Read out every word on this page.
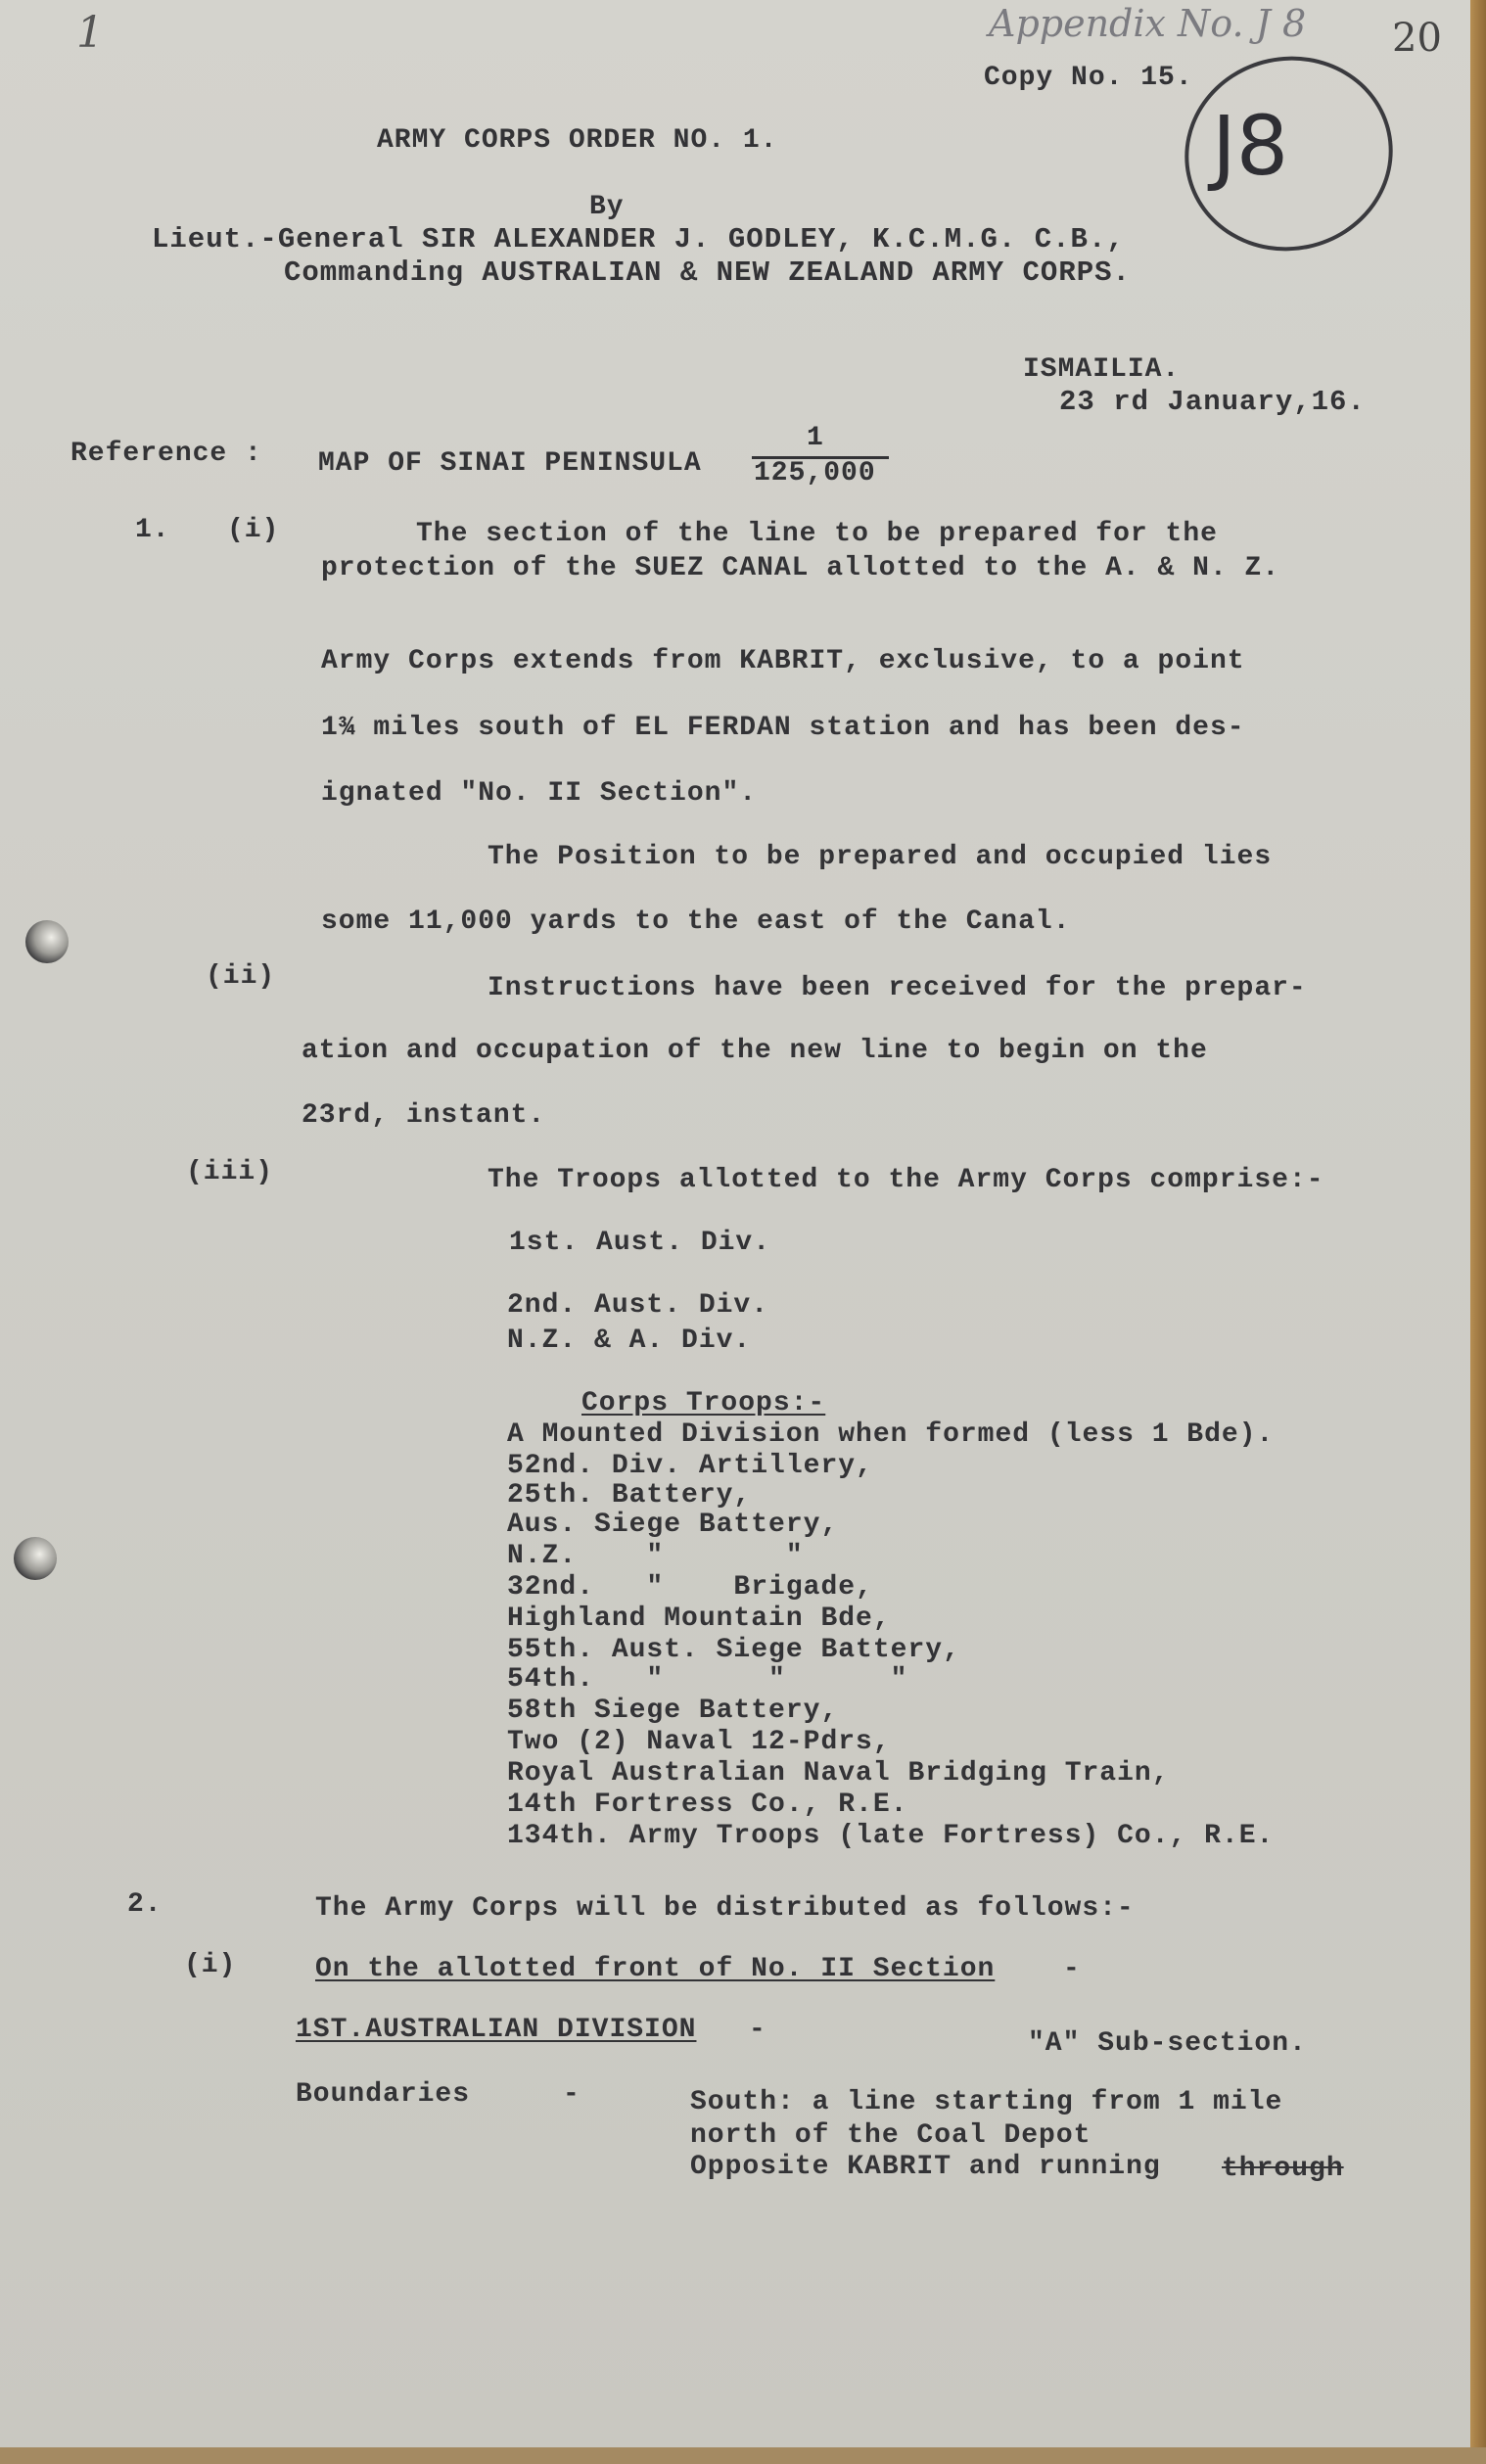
1	20
Appendix No. J 8
Copy No. 15.
J8
ARMY CORPS ORDER NO. 1.
By
Lieut.-General SIR ALEXANDER J. GODLEY, K.C.M.G. C.B.,
Commanding AUSTRALIAN & NEW ZEALAND ARMY CORPS.
ISMAILIA.
23 rd January,16.
Reference : MAP OF SINAI PENINSULA
1
125,000
1. (i)	The section of the line to be prepared for the
protection of the SUEZ CANAL allotted to the A. & N. Z.
Army Corps extends from KABRIT, exclusive, to a point
1¾ miles south of EL FERDAN station and has been des-
ignated "No. II Section".
The Position to be prepared and occupied lies
some 11,000 yards to the east of the Canal.
(ii)	Instructions have been received for the prepar-
ation and occupation of the new line to begin on the
23rd, instant.
(iii)	The Troops allotted to the Army Corps comprise:-
1st. Aust. Div.
2nd. Aust. Div.
N.Z. & A. Div.
Corps Troops:-
A Mounted Division when formed (less 1 Bde).
52nd. Div. Artillery,
25th. Battery,
Aus. Siege Battery,
N.Z.    "       "
32nd.   "    Brigade,
Highland Mountain Bde,
55th. Aust. Siege Battery,
54th.   "      "      "
58th Siege Battery,
Two (2) Naval 12-Pdrs,
Royal Australian Naval Bridging Train,
14th Fortress Co., R.E.
134th. Army Troops (late Fortress) Co., R.E.
2.	The Army Corps will be distributed as follows:-
(i)	On the allotted front of No. II Section -
1ST.AUSTRALIAN DIVISION -	"A" Sub-section.
Boundaries	-	South: a line starting from 1 mile
north of the Coal Depot
Opposite KABRIT and running through
